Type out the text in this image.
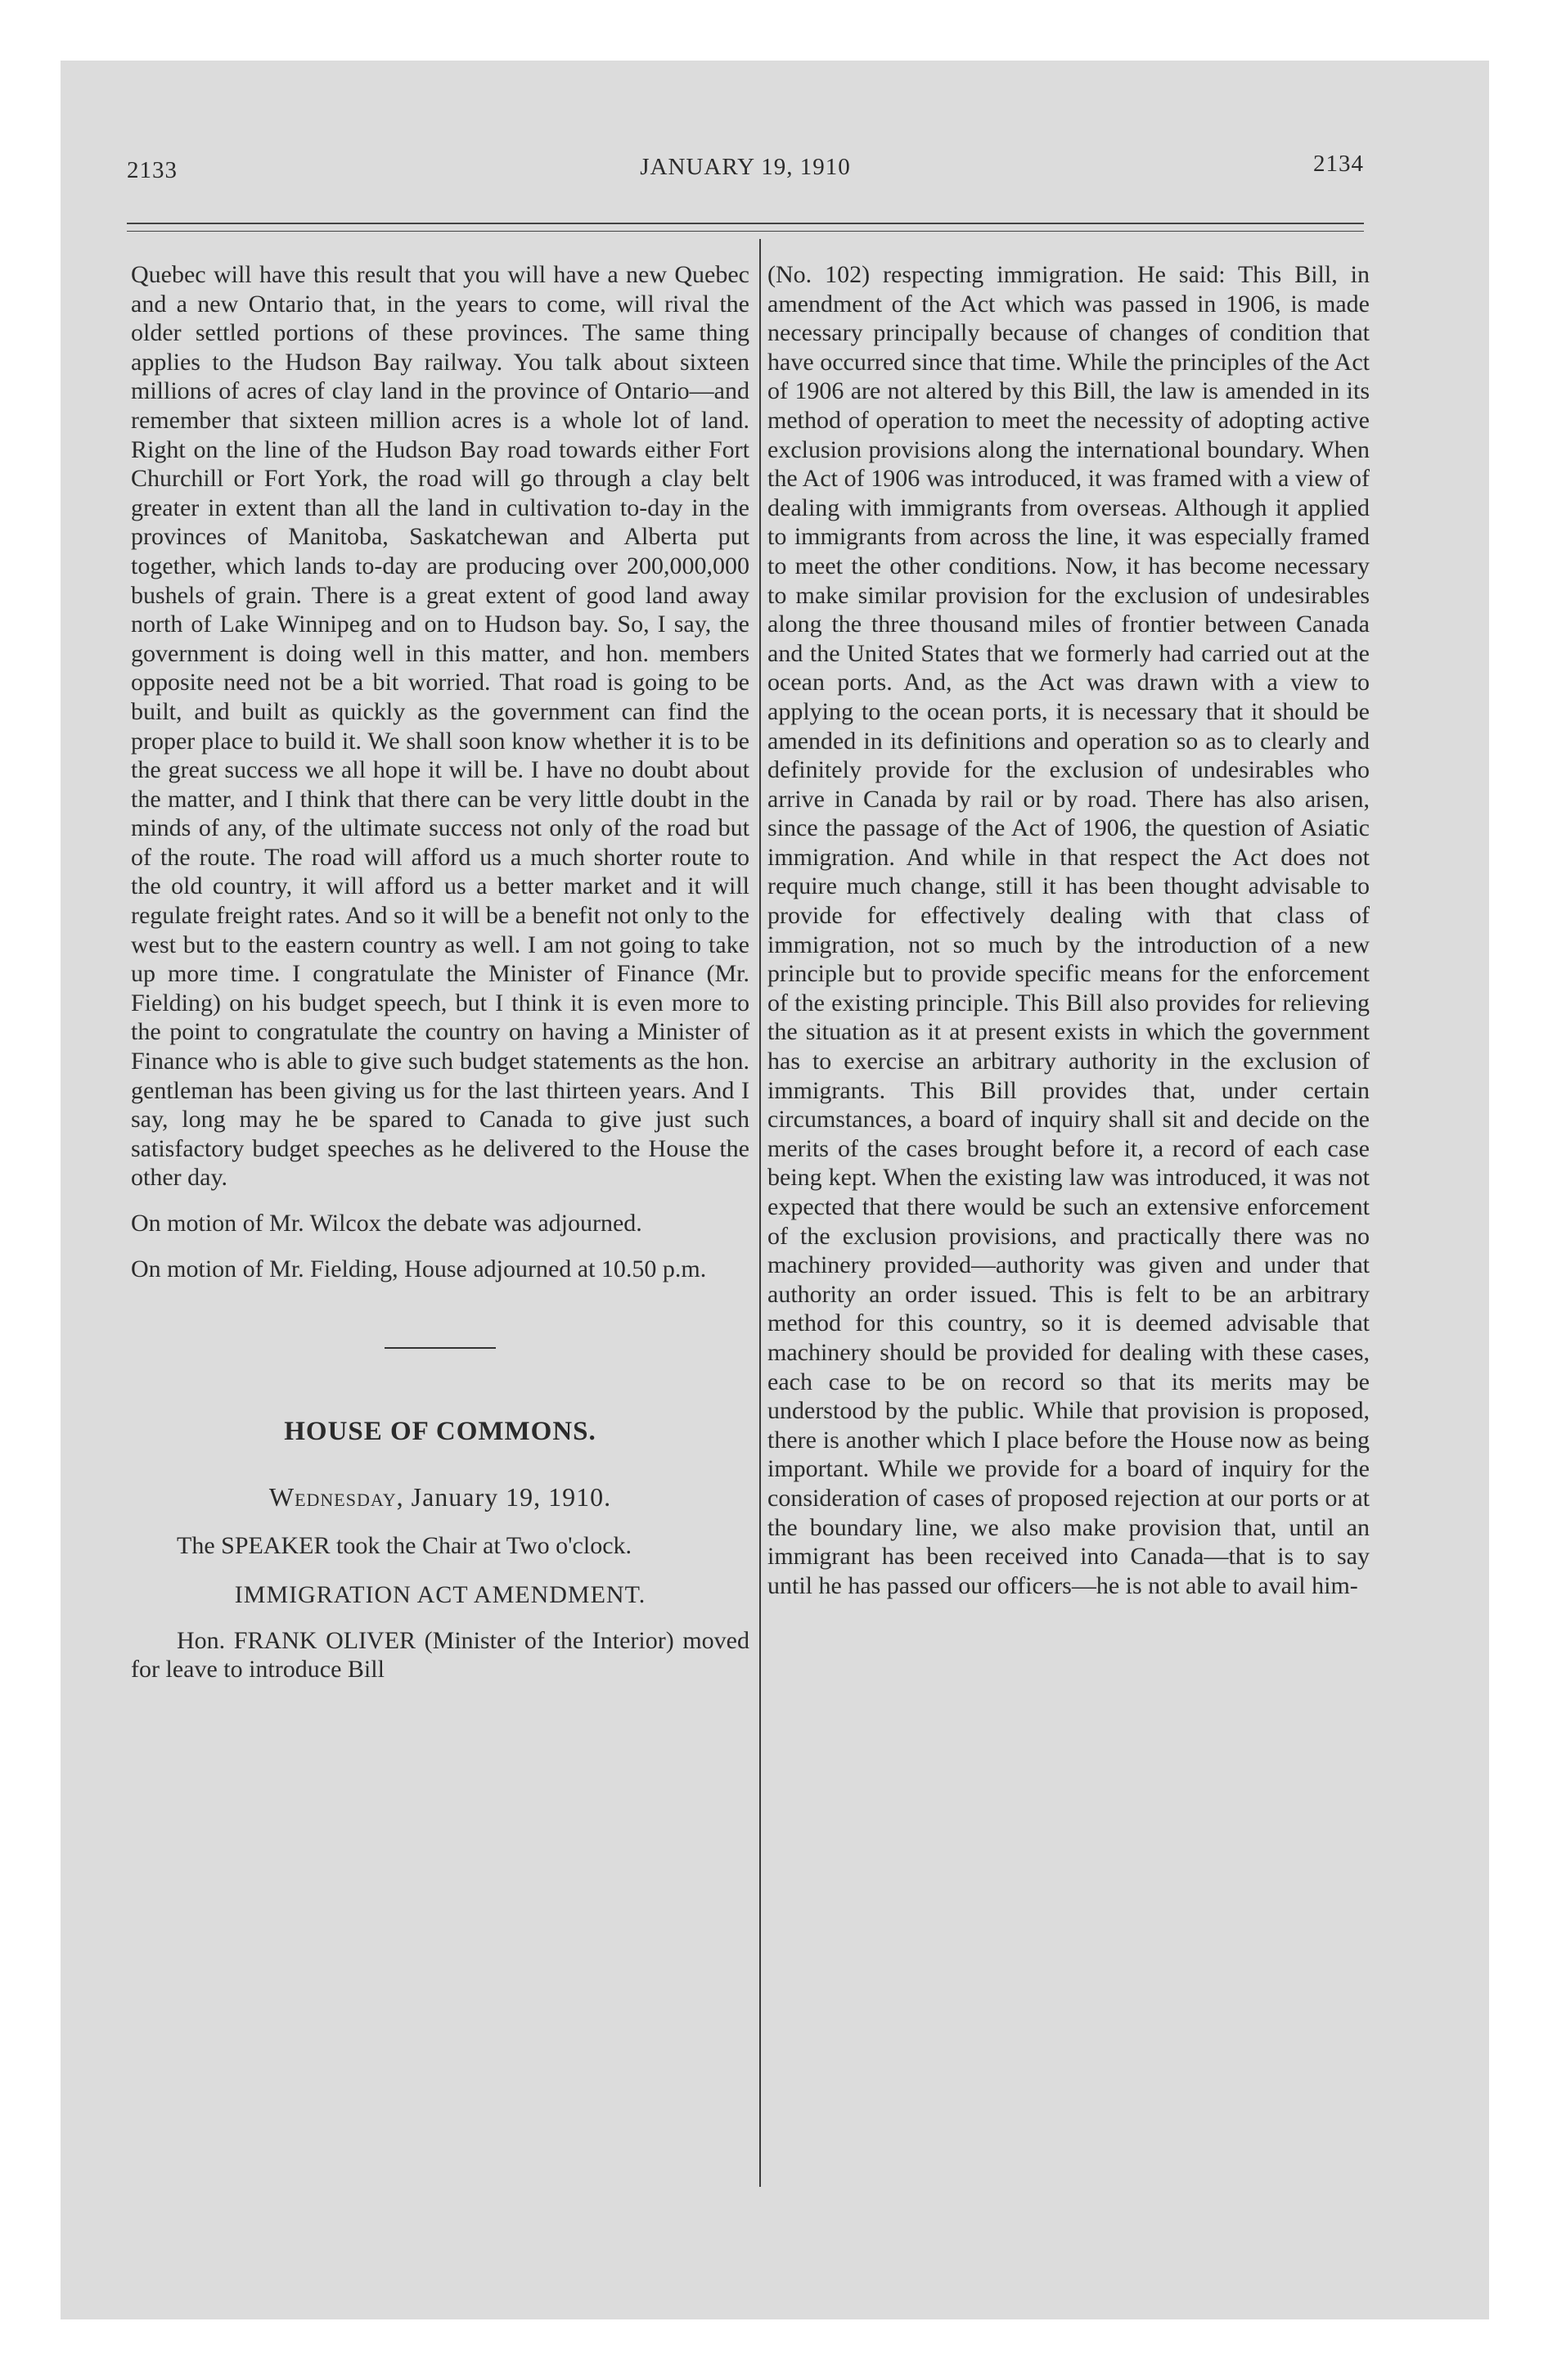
2133	JANUARY 19, 1910	2134

Quebec will have this result that you will have a new Quebec and a new Ontario that, in the years to come, will rival the older settled portions of these provinces. The same thing applies to the Hudson Bay railway. You talk about sixteen millions of acres of clay land in the province of Ontario—and remember that sixteen million acres is a whole lot of land. Right on the line of the Hudson Bay road towards either Fort Churchill or Fort York, the road will go through a clay belt greater in extent than all the land in cultivation to-day in the provinces of Manitoba, Saskatchewan and Alberta put together, which lands to-day are producing over 200,000,000 bushels of grain. There is a great extent of good land away north of Lake Winnipeg and on to Hudson bay. So, I say, the government is doing well in this matter, and hon. members opposite need not be a bit worried. That road is going to be built, and built as quickly as the government can find the proper place to build it. We shall soon know whether it is to be the great success we all hope it will be. I have no doubt about the matter, and I think that there can be very little doubt in the minds of any, of the ultimate success not only of the road but of the route. The road will afford us a much shorter route to the old country, it will afford us a better market and it will regulate freight rates. And so it will be a benefit not only to the west but to the eastern country as well. I am not going to take up more time. I congratulate the Minister of Finance (Mr. Fielding) on his budget speech, but I think it is even more to the point to congratulate the country on having a Minister of Finance who is able to give such budget statements as the hon. gentleman has been giving us for the last thirteen years. And I say, long may he be spared to Canada to give just such satisfactory budget speeches as he delivered to the House the other day.

On motion of Mr. Wilcox the debate was adjourned.

On motion of Mr. Fielding, House adjourned at 10.50 p.m.

HOUSE OF COMMONS.
Wednesday, January 19, 1910.

The SPEAKER took the Chair at Two o'clock.

IMMIGRATION ACT AMENDMENT.

Hon. FRANK OLIVER (Minister of the Interior) moved for leave to introduce Bill

(No. 102) respecting immigration. He said: This Bill, in amendment of the Act which was passed in 1906, is made necessary principally because of changes of condition that have occurred since that time. While the principles of the Act of 1906 are not altered by this Bill, the law is amended in its method of operation to meet the necessity of adopting active exclusion provisions along the international boundary. When the Act of 1906 was introduced, it was framed with a view of dealing with immigrants from overseas. Although it applied to immigrants from across the line, it was especially framed to meet the other conditions. Now, it has become necessary to make similar provision for the exclusion of undesirables along the three thousand miles of frontier between Canada and the United States that we formerly had carried out at the ocean ports. And, as the Act was drawn with a view to applying to the ocean ports, it is necessary that it should be amended in its definitions and operation so as to clearly and definitely provide for the exclusion of undesirables who arrive in Canada by rail or by road. There has also arisen, since the passage of the Act of 1906, the question of Asiatic immigration. And while in that respect the Act does not require much change, still it has been thought advisable to provide for effectively dealing with that class of immigration, not so much by the introduction of a new principle but to provide specific means for the enforcement of the existing principle. This Bill also provides for relieving the situation as it at present exists in which the government has to exercise an arbitrary authority in the exclusion of immigrants. This Bill provides that, under certain circumstances, a board of inquiry shall sit and decide on the merits of the cases brought before it, a record of each case being kept. When the existing law was introduced, it was not expected that there would be such an extensive enforcement of the exclusion provisions, and practically there was no machinery provided—authority was given and under that authority an order issued. This is felt to be an arbitrary method for this country, so it is deemed advisable that machinery should be provided for dealing with these cases, each case to be on record so that its merits may be understood by the public. While that provision is proposed, there is another which I place before the House now as being important. While we provide for a board of inquiry for the consideration of cases of proposed rejection at our ports or at the boundary line, we also make provision that, until an immigrant has been received into Canada—that is to say until he has passed our officers—he is not able to avail him-
